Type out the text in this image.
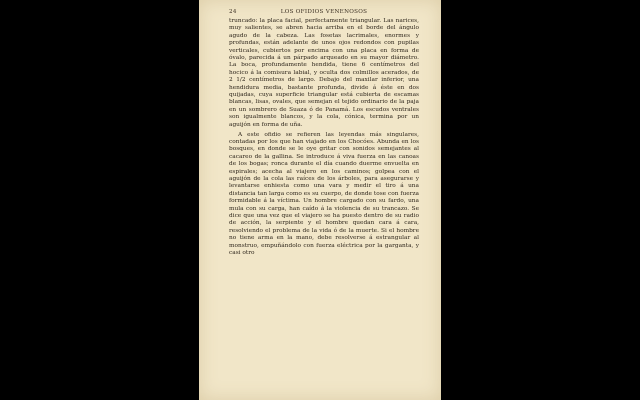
24	LOS OFIDIOS VENENOSOS

truncado: la placa facial, perfectamente triangular. Las narices, muy salientes, se abren hacia arriba en el borde del ángulo agudo de la cabeza. Las fosetas lacrimales, enormes y profundas, están adelante de unos ojos redondos con pupilas verticales, cubiertos por encima con una placa en forma de óvalo, parecida á un párpado arqueado en su mayor diámetro. La boca, profundamente hendida, tiene 6 centímetros del hocico á la comisura labial, y oculta dos colmillos acerados, de 2 1/2 centímetros de largo. Debajo del maxilar inferior, una hendidura media, bastante profunda, divide á éste en dos quijadas, cuya superficie triangular está cubierta de escamas blancas, lisas, ovales, que semejan el tejido ordinario de la paja en un sombrero de Suaza ó de Panamá. Los escudos ventrales son igualmente blancos, y la cola, cónica, termina por un aguijón en forma de uña.

A este ofidio se refieren las leyendas más singulares, contadas por los que han viajado en los Chocóes. Abunda en los bosques, en donde se le oye gritar con sonidos semejantes al cacareo de la gallina. Se introduce á viva fuerza en las canoas de los bogas; ronca durante el día cuando duerme envuelta en espirales; acecha al viajero en los caminos; golpea con el aguijón de la cola las raíces de los árboles, para asegurarse y levantarse enhiesta como una vara y medir el tiro á una distancia tan larga como es su cuerpo, de donde tose con fuerza formidable á la víctima. Un hombre cargado con su fardo, una mula con su carga, han caído á la violencia de su trancazo. Se dice que una vez que el viajero se ha puesto dentro de su radio de acción, la serpiente y el hombre quedan cara á cara, resolviendo el problema de la vida ó de la muerte. Si el hombre no tiene arma en la mano, debe resolverse á estrangular al monstruo, empuñándolo con fuerza eléctrica por la garganta, y casi otro
